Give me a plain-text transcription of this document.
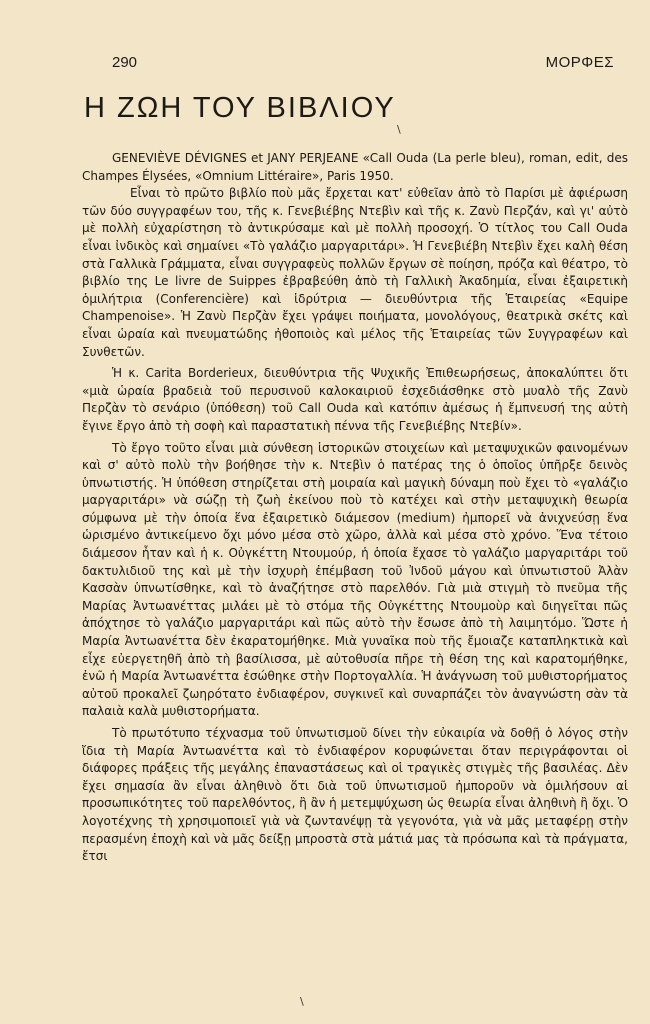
290	ΜΟΡΦΕΣ
Η ΖΩΗ ΤΟΥ ΒΙΒΛΙΟΥ
\

GENEVIÈVE DÉVIGNES et JANY PERJEANE «Call Ouda (La perle bleu), roman, edit, des Champes Élysées, «Omnium Littéraire», Paris 1950.

Εἶναι τὸ πρῶτο βιβλίο ποὺ μᾶς ἔρχεται κατ' εὐθεῖαν ἀπὸ τὸ Παρίσι μὲ ἀφιέρωση τῶν δύο συγγραφέων του, τῆς κ. Γενεβιέβης Ντεβὶν καὶ τῆς κ. Ζανὺ Περζάν, καὶ γι' αὐτὸ μὲ πολλὴ εὐχαρίστηση τὸ ἀντικρύσαμε καὶ μὲ πολλὴ προσοχή. Ὁ τίτλος του Call Ouda εἶναι ἰνδικὸς καὶ σημαίνει «Τὸ γαλάζιο μαργαριτάρι». Ἡ Γενεβιέβη Ντεβὶν ἔχει καλὴ θέση στὰ Γαλλικὰ Γράμματα, εἶναι συγγραφεὺς πολλῶν ἔργων σὲ ποίηση, πρόζα καὶ θέατρο, τὸ βιβλίο της Le livre de Suippes ἐβραβεύθη ἀπὸ τὴ Γαλλικὴ Ἀκαδημία, εἶναι ἐξαιρετικὴ ὁμιλήτρια (Conferencière) καὶ ἱδρύτρια — διευθύντρια τῆς Ἑταιρείας «Equipe Champenoise». Ἡ Ζανὺ Περζὰν ἔχει γράψει ποιήματα, μονολόγους, θεατρικὰ σκέτς καὶ εἶναι ὡραία καὶ πνευματώδης ἠθοποιὸς καὶ μέλος τῆς Ἑταιρείας τῶν Συγγραφέων καὶ Συνθετῶν.

Ἡ κ. Carita Borderieux, διευθύντρια τῆς Ψυχικῆς Ἐπιθεωρήσεως, ἀποκαλύπτει ὅτι «μιὰ ὡραία βραδειὰ τοῦ περυσινοῦ καλοκαιριοῦ ἐσχεδιάσθηκε στὸ μυαλὸ τῆς Ζανὺ Περζὰν τὸ σενάριο (ὑπόθεση) τοῦ Call Ouda καὶ κατόπιν ἀμέσως ἡ ἔμπνευσή της αὐτὴ ἔγινε ἔργο ἀπὸ τὴ σοφὴ καὶ παραστατικὴ πέννα τῆς Γενεβιέβης Ντεβίν».

Τὸ ἔργο τοῦτο εἶναι μιὰ σύνθεση ἱστορικῶν στοιχείων καὶ μεταψυχικῶν φαινομένων καὶ σ' αὐτὸ πολὺ τὴν βοήθησε τὴν κ. Ντεβὶν ὁ πατέρας της ὁ ὁποῖος ὑπῆρξε δεινὸς ὑπνωτιστής. Ἡ ὑπόθεση στηρίζεται στὴ μοιραία καὶ μαγικὴ δύναμη ποὺ ἔχει τὸ «γαλάζιο μαργαριτάρι» νὰ σώζῃ τὴ ζωὴ ἐκείνου ποὺ τὸ κατέχει καὶ στὴν μεταψυχικὴ θεωρία σύμφωνα μὲ τὴν ὁποία ἕνα ἐξαιρετικὸ διάμεσον (medium) ἠμπορεῖ νὰ ἀνιχνεύσῃ ἕνα ὡρισμένο ἀντικείμενο ὄχι μόνο μέσα στὸ χῶρο, ἀλλὰ καὶ μέσα στὸ χρόνο. Ἕνα τέτοιο διάμεσον ἦταν καὶ ἡ κ. Οὐγκέττη Ντουμούρ, ἡ ὁποία ἔχασε τὸ γαλάζιο μαργαριτάρι τοῦ δακτυλιδιοῦ της καὶ μὲ τὴν ἰσχυρὴ ἐπέμβαση τοῦ Ἰνδοῦ μάγου καὶ ὑπνωτιστοῦ Ἀλὰν Κασσὰν ὑπνωτίσθηκε, καὶ τὸ ἀναζήτησε στὸ παρελθόν. Γιὰ μιὰ στιγμὴ τὸ πνεῦμα τῆς Μαρίας Ἀντωανέττας μιλάει μὲ τὸ στόμα τῆς Οὐγκέττης Ντουμοὺρ καὶ διηγεῖται πῶς ἀπόχτησε τὸ γαλάζιο μαργαριτάρι καὶ πῶς αὐτὸ τὴν ἔσωσε ἀπὸ τὴ λαιμητόμο. Ὥστε ἡ Μαρία Ἀντωανέττα δὲν ἐκαρατομήθηκε. Μιὰ γυναῖκα ποὺ τῆς ἔμοιαζε καταπληκτικὰ καὶ εἶχε εὐεργετηθῆ ἀπὸ τὴ βασίλισσα, μὲ αὐτοθυσία πῆρε τὴ θέση της καὶ καρατομήθηκε, ἐνῶ ἡ Μαρία Ἀντωανέττα ἐσώθηκε στὴν Πορτογαλλία. Ἡ ἀνάγνωση τοῦ μυθιστορήματος αὐτοῦ προκαλεῖ ζωηρότατο ἐνδιαφέρον, συγκινεῖ καὶ συναρπάζει τὸν ἀναγνώστη σὰν τὰ παλαιὰ καλὰ μυθιστορήματα.

Τὸ πρωτότυπο τέχνασμα τοῦ ὑπνωτισμοῦ δίνει τὴν εὐκαιρία νὰ δοθῇ ὁ λόγος στὴν ἴδια τὴ Μαρία Ἀντωανέττα καὶ τὸ ἐνδιαφέρον κορυφώνεται ὅταν περιγράφονται οἱ διάφορες πράξεις τῆς μεγάλης ἐπαναστάσεως καὶ οἱ τραγικὲς στιγμὲς τῆς βασιλέας. Δὲν ἔχει σημασία ἂν εἶναι ἀληθινὸ ὅτι διὰ τοῦ ὑπνωτισμοῦ ἠμποροῦν νὰ ὁμιλήσουν αἱ προσωπικότητες τοῦ παρελθόντος, ἢ ἂν ἡ μετεμψύχωση ὡς θεωρία εἶναι ἀληθινὴ ἢ ὄχι. Ὁ λογοτέχνης τὴ χρησιμοποιεῖ γιὰ νὰ ζωντανέψῃ τὰ γεγονότα, γιὰ νὰ μᾶς μεταφέρῃ στὴν περασμένη ἐποχὴ καὶ νὰ μᾶς δείξῃ μπροστὰ στὰ μάτιά μας τὰ πρόσωπα καὶ τὰ πράγματα, ἔτσι

\
